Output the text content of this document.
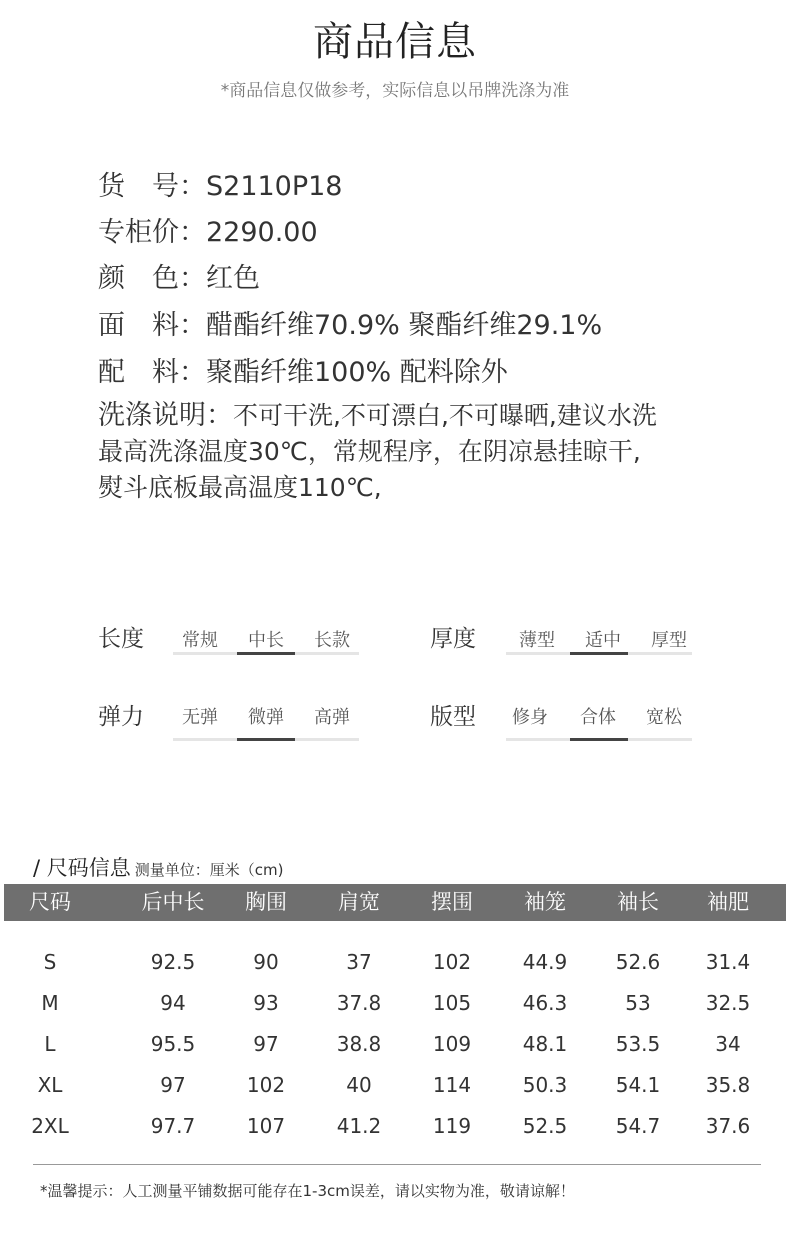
商品信息
*商品信息仅做参考，实际信息以吊牌洗涤为准
货　号：S2110P18
专柜价：2290.00
颜　色：红色
面　料：醋酯纤维70.9% 聚酯纤维29.1%
配　料：聚酯纤维100% 配料除外
洗涤说明：不可干洗,不可漂白,不可曝晒,建议水洗
最高洗涤温度30℃，常规程序，在阴凉悬挂晾干,
熨斗底板最高温度110℃,
长度	常规	中长	长款	厚度	薄型	适中	厚型
弹力	无弹	微弹	高弹	版型	修身	合体	宽松
/ 尺码信息 测量单位：厘米（cm)
尺码	后中长	胸围	肩宽	摆围	袖笼	袖长	袖肥
S	92.5	90	37	102	44.9	52.6	31.4
M	94	93	37.8	105	46.3	53	32.5
L	95.5	97	38.8	109	48.1	53.5	34
XL	97	102	40	114	50.3	54.1	35.8
2XL	97.7	107	41.2	119	52.5	54.7	37.6
*温馨提示：人工测量平铺数据可能存在1-3cm误差，请以实物为准，敬请谅解！
